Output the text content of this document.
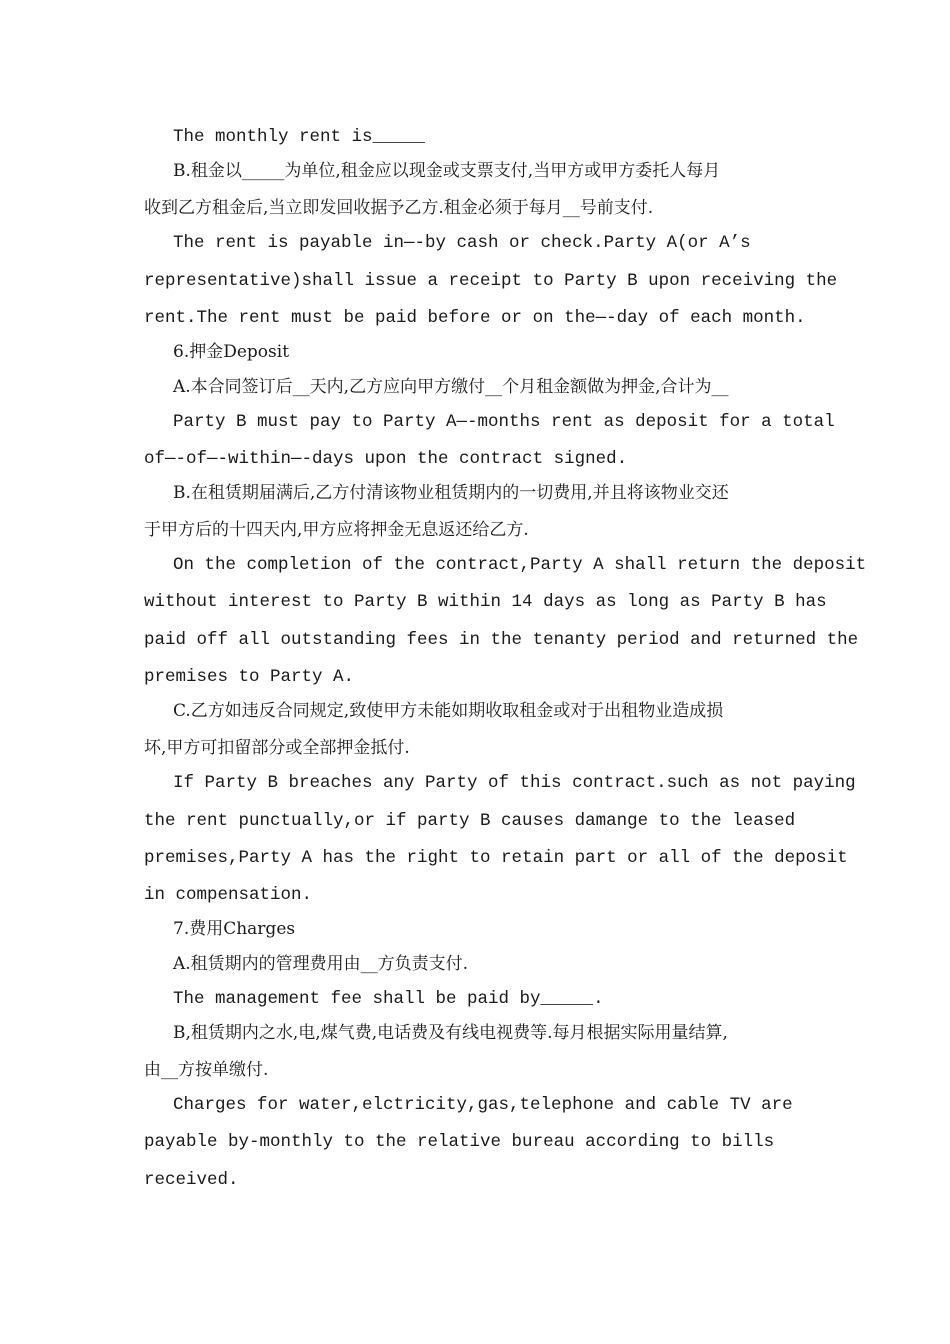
The monthly rent is_____
B.租金以_____为单位,租金应以现金或支票支付,当甲方或甲方委托人每月
收到乙方租金后,当立即发回收据予乙方.租金必须于每月__号前支付.
The rent is payable in—-by cash or check.Party A(or A’s
representative)shall issue a receipt to Party B upon receiving the
rent.The rent must be paid before or on the—-day of each month.
6.押金Deposit
A.本合同签订后__天内,乙方应向甲方缴付__个月租金额做为押金,合计为__
Party B must pay to Party A—-months rent as deposit for a total
of—-of—-within—-days upon the contract signed.
B.在租赁期届满后,乙方付清该物业租赁期内的一切费用,并且将该物业交还
于甲方后的十四天内,甲方应将押金无息返还给乙方.
On the completion of the contract,Party A shall return the deposit
without interest to Party B within 14 days as long as Party B has
paid off all outstanding fees in the tenanty period and returned the
premises to Party A.
C.乙方如违反合同规定,致使甲方未能如期收取租金或对于出租物业造成损
坏,甲方可扣留部分或全部押金抵付.
If Party B breaches any Party of this contract.such as not paying
the rent punctually,or if party B causes damange to the leased
premises,Party A has the right to retain part or all of the deposit
in compensation.
7.费用Charges
A.租赁期内的管理费用由__方负责支付.
The management fee shall be paid by_____.
B,租赁期内之水,电,煤气费,电话费及有线电视费等.每月根据实际用量结算,
由__方按单缴付.
Charges for water,elctricity,gas,telephone and cable TV are
payable by-monthly to the relative bureau according to bills
received.
